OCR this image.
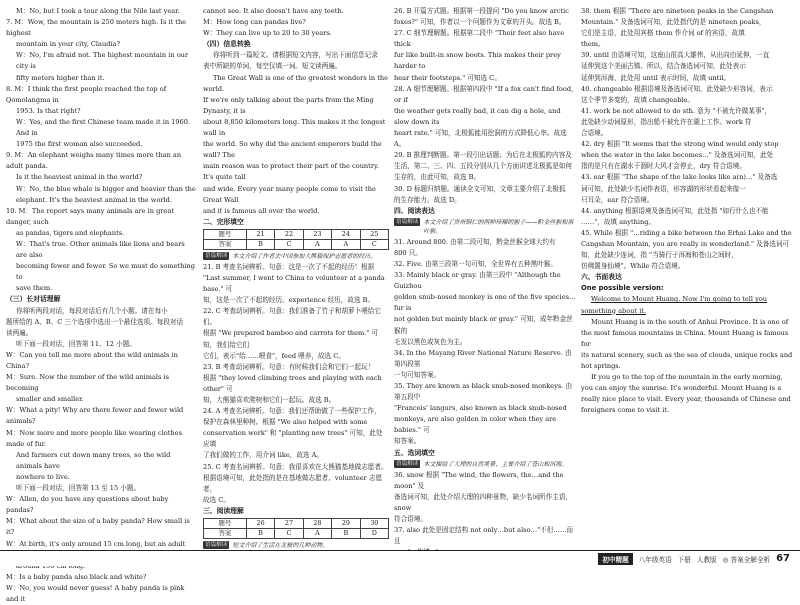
M：No, but I took a tour along the Nile last year.

7. M：Wow, the mountain is 250 meters high. Is it the highest

mountain in your city, Claudia?

W：No, I'm afraid not. The highest mountain in our city is

fifty meters higher than it.

8. M：I think the first people reached the top of Qomolangma in

1953. Is that right?

W：Yes, and the first Chinese team made it in 1960. And in

1975 the first woman also succeeded.

9. M：An elephant weighs many times more than an adult panda.

Is it the heaviest animal in the world?

W：No, the blue whale is bigger and heavier than the

elephant. It's the heaviest animal in the world.

10. M：The report says many animals are in great danger, such

as pandas, tigers and elephants.

W：That's true. Other animals like lions and bears are also

becoming fewer and fewer. So we must do something to

save them.

（三）长对话理解

你将听两段对话，每段对话后有几个小题。请在每小

题所给的 A、B、C 三个选项中选出一个最佳选项。每段对话

读两遍。

听下面一段对话，回答第 11、12 小题。

W：Can you tell me more about the wild animals in China?

M：Sure. Now the number of the wild animals is becoming

smaller and smaller.

W：What a pity! Why are there fewer and fewer wild animals?

M：Now more and more people like wearing clothes made of fur.

And farmers cut down many trees, so the wild animals have

nowhere to live.

听下面一段对话，回答第 13 至 15 小题。

W：Allen, do you have any questions about baby pandas?

M：What about the size of a baby panda? How small is it?

W：At birth, it's only around 15 cm long, but an adult

M：Is a baby panda also black and white?

W：No, you would never guess! A baby panda is pink and it

cannot see. It also doesn't have any teeth.

M：How long can pandas live?

W：They can live up to 20 to 30 years.

（四）信息转换

你将听到一篇短文。请根据短文内容，写出下面信息记录

表中所缺的单词，每空仅填一词。短文读两遍。

The Great Wall is one of the greatest wonders in the world.

If we're only talking about the parts from the Ming Dynasty, it is

about 8,850 kilometers long. This makes it the longest wall in

the world. So why did the ancient emperors build the wall? The

main reason was to protect their part of the country. It's quite tall

and wide. Every year many people come to visit the Great Wall

and it is famous all over the world.

二、完形填空

题号	21	22	23	24	25
答案	B	C	A	A	C
语篇解读 本文介绍了作者去中国参加大熊猫保护志愿者的经历。

21. B 考查名词辨析。句意：这是一次了不起的经历！根据

"Last summer, I went to China to volunteer at a panda base." 可

知，这是一次了不起的经历。experience 经历，故选 B。

22. C 考查动词辨析。句意：我们准备了竹子和胡萝卜喂给它们。

根据 "We prepared bamboo and carrots for them." 可知，我们给它们

它们，表示"给……喂食"，feed 喂养，故选 C。

23. B 考查动词辨析。句意：有时候我们会和它们一起玩！

根据 "they loved climbing trees and playing with each other" 可

知，大熊猫喜欢爬树和它们一起玩。故选 B。

24. A 考查名词辨析。句意：我们还帮助做了一些保护工作，

保护在森林里种树。根据 "We also helped with some

conservation work" 和 "planting new trees" 可知，此处应填

了我们做的工作，用介词 like，故选 A。

25. C 考查名词辨析。句意：我很喜欢在大熊猫基地做志愿者。

根据语境可知，此处指的是在基地做志愿者。volunteer 志愿者，

故选 C。

三、阅读理解

题号	26	27	28	29	30
答案	B	C	A	B	D
语篇解读 短文介绍了生活在北极的几种动物。

26. B 开篇方式题。根据第一段提问 "Do you know arctic

foxes?" 可知，作者以一个问题作为文章的开头。故选 B。

27. C 细节理解题。根据第二段中 "Their feet also have thick

fur like built-in snow boots. This makes their prey harder to

hear their footsteps." 可知选 C。

28. A 细节理解题。根据第四段中 "If a fox can't find food, or if

the weather gets really bad, it can dig a hole, and slow down its

heart rate." 可知，北极狐能用挖洞的方式降低心率。故选 A。

29. B 推理判断题。第一段引出话题；为后在北极狐的内容及

生活，第二、三、四、五段分别从几个方面讲述北极狐是如何

生存的，由此可知，故选 B。

30. D 标题归纳题。通读全文可知，文章主要介绍了北极狐

的生存能力。故选 D。

四、阅读表达

语篇解读 本文介绍了贵州铜仁的两种珍稀的猴子——黔金丝猴和黑叶猴。

31. Around 800. 由第二段可知，黔金丝猴全球大约有

800 只。

32. Five. 由第三段第一句可知，全世界有五种黑叶猴。

33. Mainly black or gray. 由第三段中 "Although the Guizhou

golden snub-nosed monkey is one of the five species…fur is

not golden but mainly black or gray." 可知，成年黔金丝猴的

毛发以黑色或灰色为主。

34. In the Mayang River National Nature Reserve. 由第四段第

一句可知答案。

35. They are known as black snub-nosed monkeys. 由第五段中

"Francois' langurs, also known as black snub-nosed

monkeys, are also golden in color when they are babies." 可

知答案。

五、选词填空

语篇解读 本文描绘了大理的自然美景，主要介绍了苍山和洱海。

36. snow 根据 "The wind, the flowers, the…and the moon" 及

备选词可知，此处介绍大理的四种景物，缺少名词所作主语，snow

符合语境。

37. also 此处是固定结构 not only…but also…"不但……而且

38. them 根据 "There are nineteen peaks in the Cangshan

Mountain." 及备选词可知，此处指代的是 nineteen peaks，

它们是主语，此处用宾格 them 作介词 of 的宾语，故填

them。

39. until 由语境可知，这座山很高大雄伟，从出向由延伸，一直

延伸到这个美丽古镇、所以，结合备选词可知，此处表示

延伸到洱海，此处用 until 表示时间，故填 until。

40. changeable 根据语境及备选词可知，此处缺少形容词，表示

这个季节多变的，故填 changeable。

41. work be not allowed to do sth. 意为 "不被允许做某事"，

此处缺少动词原形，指出船不被允许在湖上工作。work 符

合语境。

42. dry 根据 "It seems that the strong wind would only stop

when the water in the lake becomes…" 及备选词可知，此处

指的是只有在湖水干涸时大风才会停止，dry 符合语境。

43. ear 根据 "The shape of the lake looks like a(n)…" 及备选

词可知，此处缺少名词作表语，形容湖的形状看起来像一

只耳朵，ear 符合语境。

44. anything 根据语境及备选词可知，此处指 "如行什么也不能

……"，故填 anything。

45. While 根据 "…riding a bike between the Erhai Lake and the

Cangshan Mountain, you are really in wonderland." 及备选词可

知，此处缺少连词，指 "当骑行于洱海和苍山之间时，

仿佛置身仙境"。While 符合语境。

六、书面表达

One possible version:

Welcome to Mount Huang. Now I'm going to tell you

something about it.

Mount Huang is in the south of Anhui Province. It is one of

the most famous mountains in China. Mount Huang is famous for

its natural scenery, such as the sea of clouds, unique rocks and

hot springs.

If you go to the top of the mountain in the early morning,

you can enjoy the sunrise. It's wonderful. Mount Huang is a

really nice place to visit. Every year, thousands of Chinese and

foreigners come to visit it.

初中精题	八年级英语 下册 人教版 ◎ 答案全解全析 67
